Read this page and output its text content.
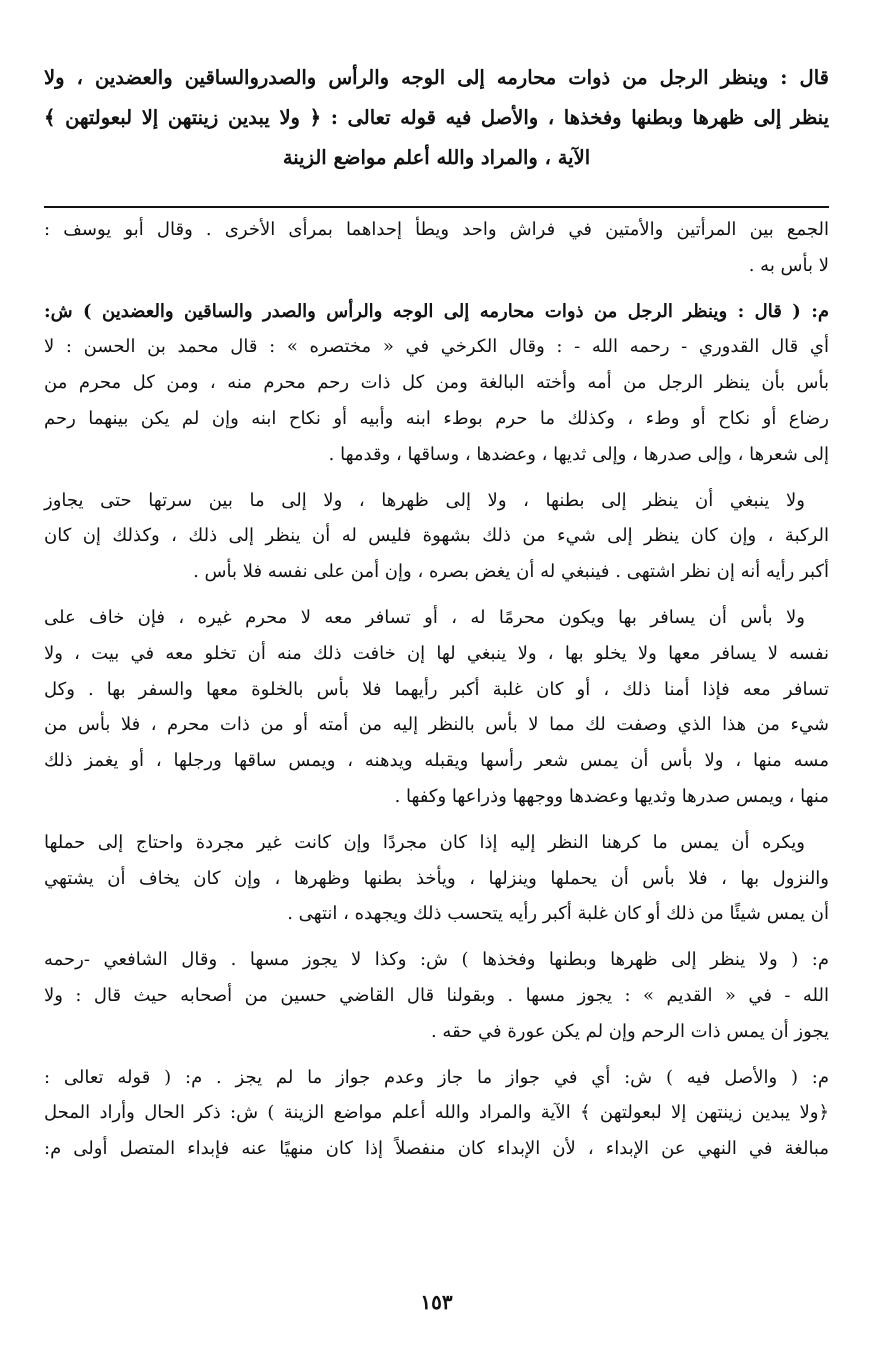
قال : وينظر الرجل من ذوات محارمه إلى الوجه والرأس والصدروالساقين والعضدين ، ولا
ينظر إلى ظهرها وبطنها وفخذها ، والأصل فيه قوله تعالى : ﴿ ولا يبدين زينتهن إلا لبعولتهن ﴾
الآية ، والمراد والله أعلم مواضع الزينة

الجمع بين المرأتين والأمتين في فراش واحد ويطأ إحداهما بمرأى الأخرى . وقال أبو يوسف :
لا بأس به .

م: ( قال : وينظر الرجل من ذوات محارمه إلى الوجه والرأس والصدر والساقين والعضدين ) ش:
أي قال القدوري - رحمه الله - : وقال الكرخي في « مختصره » : قال محمد بن الحسن : لا
بأس بأن ينظر الرجل من أمه وأخته البالغة ومن كل ذات رحم محرم منه ، ومن كل محرم من
رضاع أو نكاح أو وطء ، وكذلك ما حرم بوطء ابنه وأبيه أو نكاح ابنه وإن لم يكن بينهما رحم
إلى شعرها ، وإلى صدرها ، وإلى ثديها ، وعضدها ، وساقها ، وقدمها .

ولا ينبغي أن ينظر إلى بطنها ، ولا إلى ظهرها ، ولا إلى ما بين سرتها حتى يجاوز
الركبة ، وإن كان ينظر إلى شيء من ذلك بشهوة فليس له أن ينظر إلى ذلك ، وكذلك إن كان
أكبر رأيه أنه إن نظر اشتهى . فينبغي له أن يغض بصره ، وإن أمن على نفسه فلا بأس .

ولا بأس أن يسافر بها ويكون محرمًا له ، أو تسافر معه لا محرم غيره ، فإن خاف على
نفسه لا يسافر معها ولا يخلو بها ، ولا ينبغي لها إن خافت ذلك منه أن تخلو معه في بيت ، ولا
تسافر معه فإذا أمنا ذلك ، أو كان غلبة أكبر رأيهما فلا بأس بالخلوة معها والسفر بها . وكل
شيء من هذا الذي وصفت لك مما لا بأس بالنظر إليه من أمته أو من ذات محرم ، فلا بأس من
مسه منها ، ولا بأس أن يمس شعر رأسها ويقبله ويدهنه ، ويمس ساقها ورجلها ، أو يغمز ذلك
منها ، ويمس صدرها وثديها وعضدها ووجهها وذراعها وكفها .

ويكره أن يمس ما كرهنا النظر إليه إذا كان مجردًا وإن كانت غير مجردة واحتاج إلى حملها
والنزول بها ، فلا بأس أن يحملها وينزلها ، ويأخذ بطنها وظهرها ، وإن كان يخاف أن يشتهي
أن يمس شيئًا من ذلك أو كان غلبة أكبر رأيه يتحسب ذلك ويجهده ، انتهى .

م: ( ولا ينظر إلى ظهرها وبطنها وفخذها ) ش: وكذا لا يجوز مسها . وقال الشافعي -رحمه
الله - في « القديم » : يجوز مسها . وبقولنا قال القاضي حسين من أصحابه حيث قال : ولا
يجوز أن يمس ذات الرحم وإن لم يكن عورة في حقه .

م: ( والأصل فيه ) ش: أي في جواز ما جاز وعدم جواز ما لم يجز . م: ( قوله تعالى :
﴿ولا يبدين زينتهن إلا لبعولتهن ﴾ الآية والمراد والله أعلم مواضع الزينة ) ش: ذكر الحال وأراد المحل
مبالغة في النهي عن الإبداء ، لأن الإبداء كان منفصلاً إذا كان منهيًا عنه فإبداء المتصل أولى م:

١٥٣
